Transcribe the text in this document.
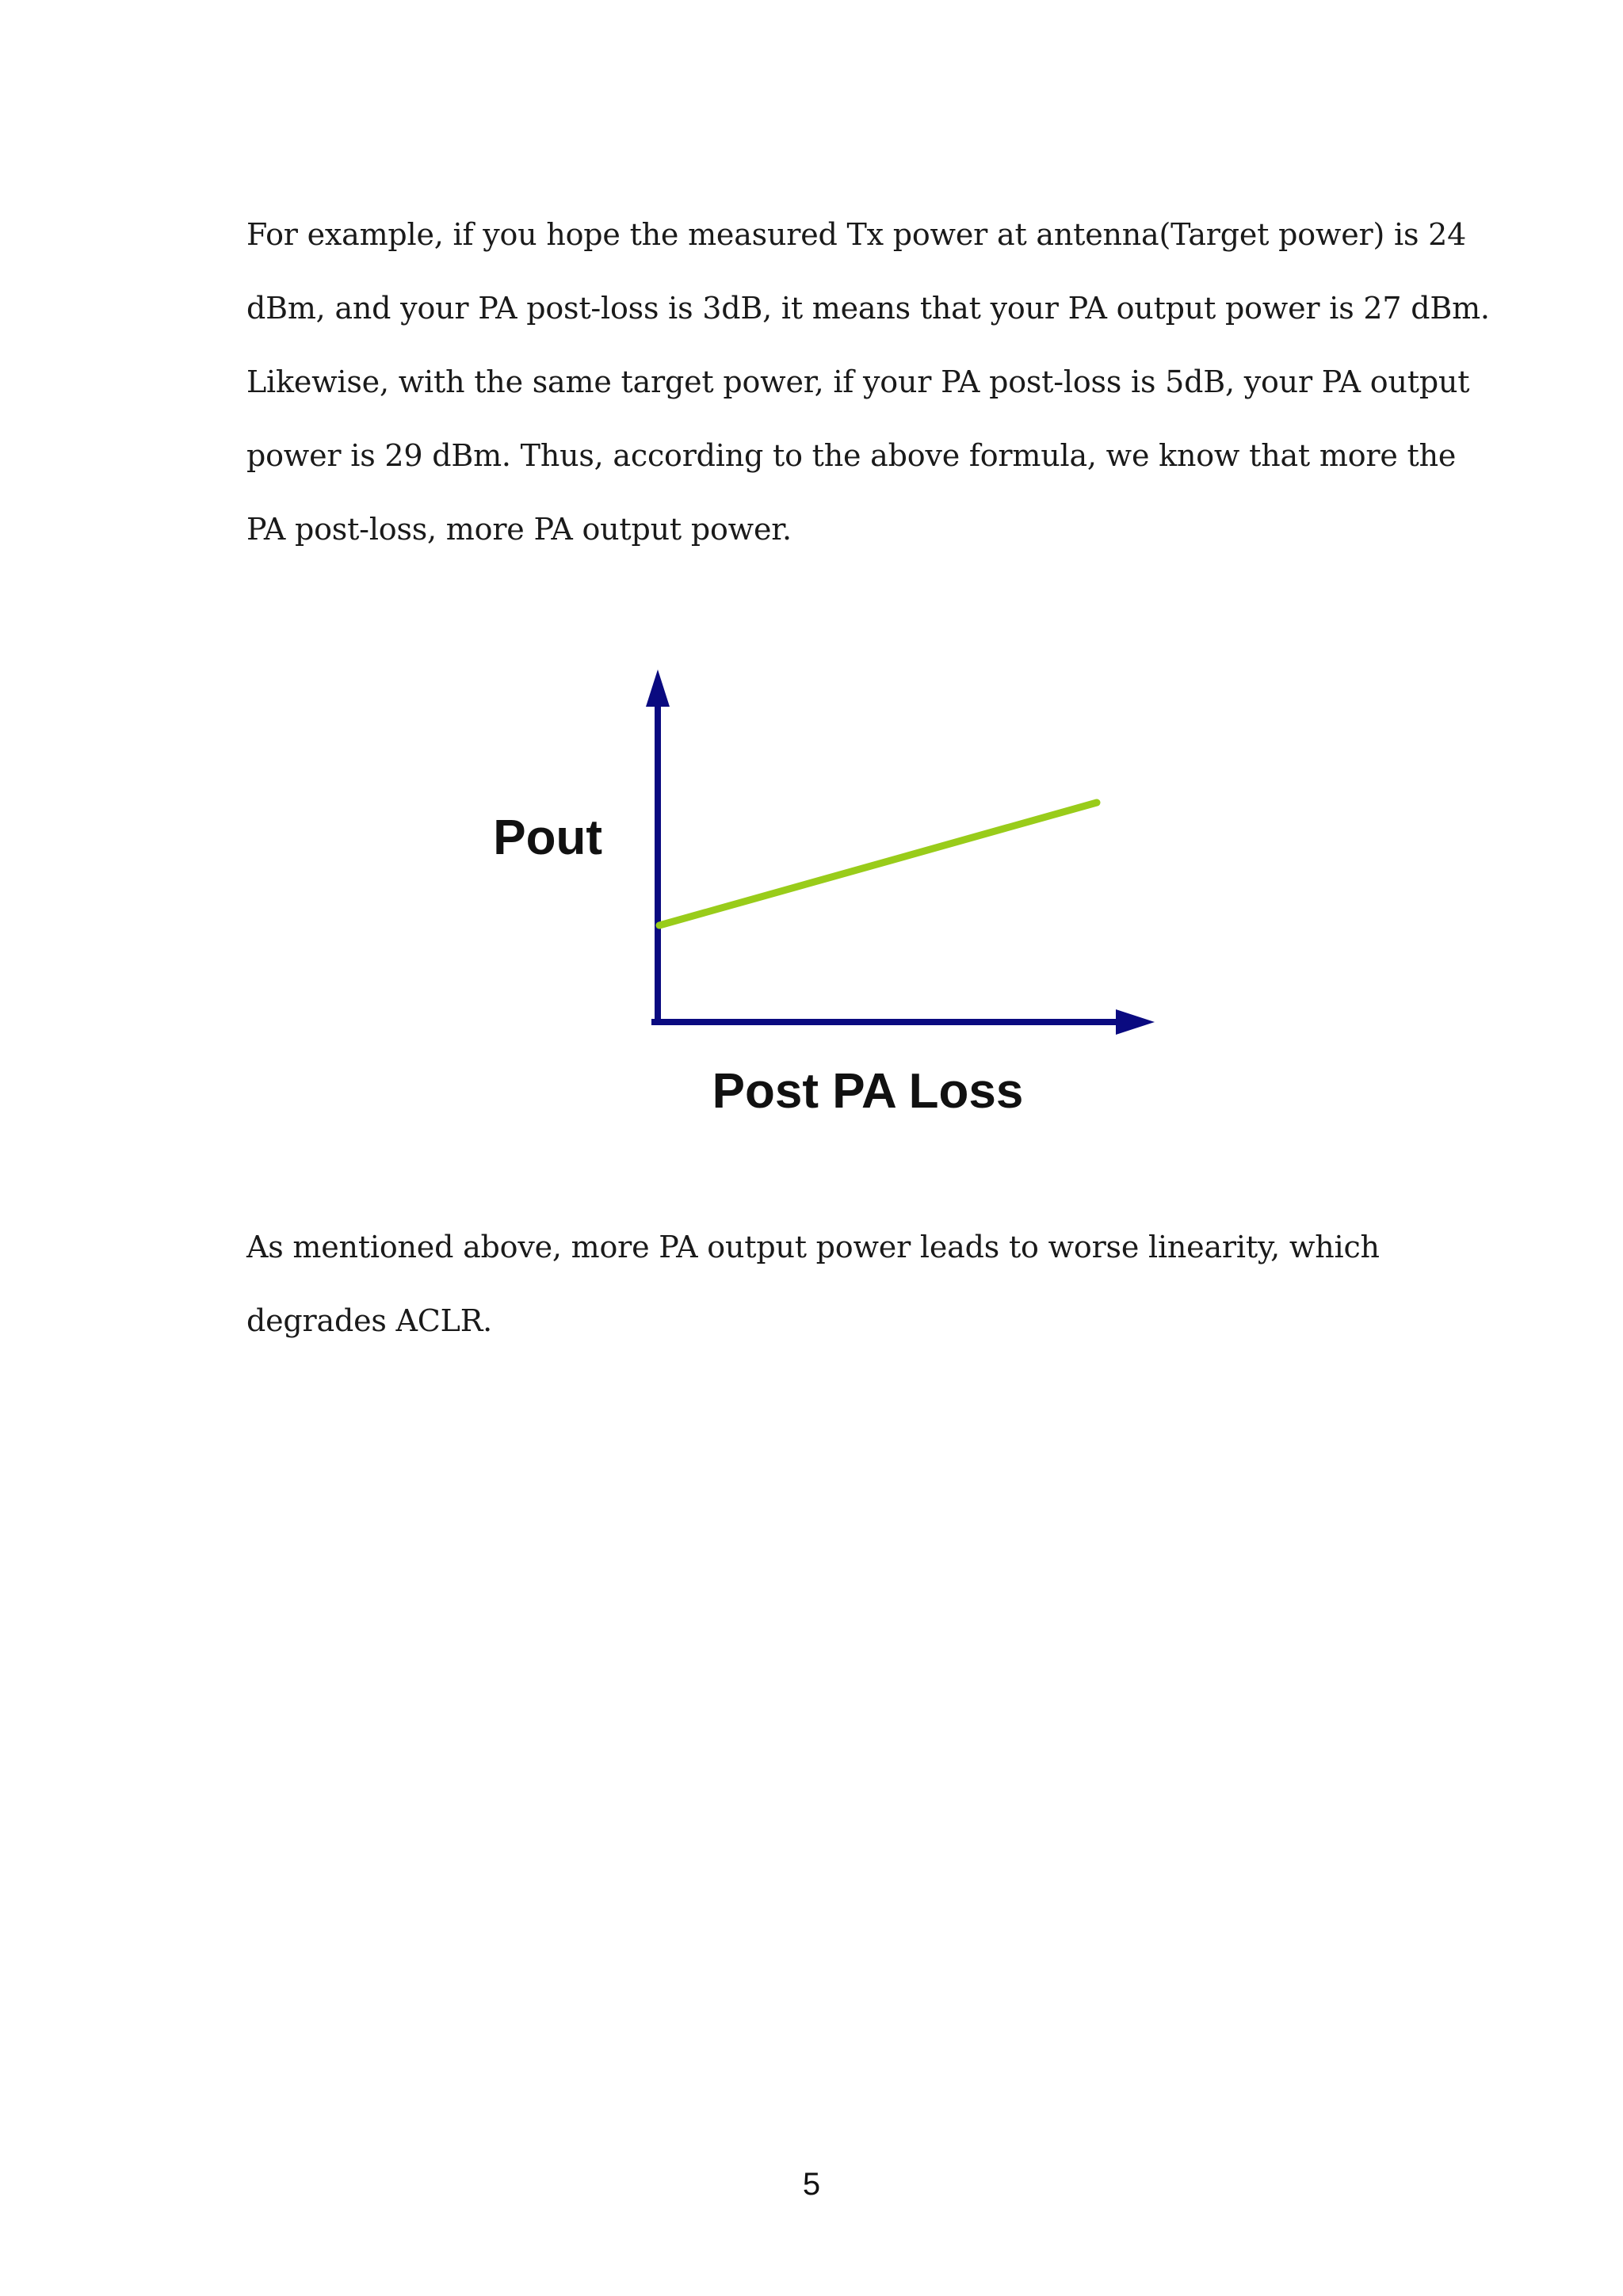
For example, if you hope the measured Tx power at antenna(Target power) is 24
dBm, and your PA post-loss is 3dB, it means that your PA output power is 27 dBm.
Likewise, with the same target power, if your PA post-loss is 5dB, your PA output
power is 29 dBm. Thus, according to the above formula, we know that more the
PA post-loss, more PA output power.
Pout
Post PA Loss
As mentioned above, more PA output power leads to worse linearity, which
degrades ACLR.
5
